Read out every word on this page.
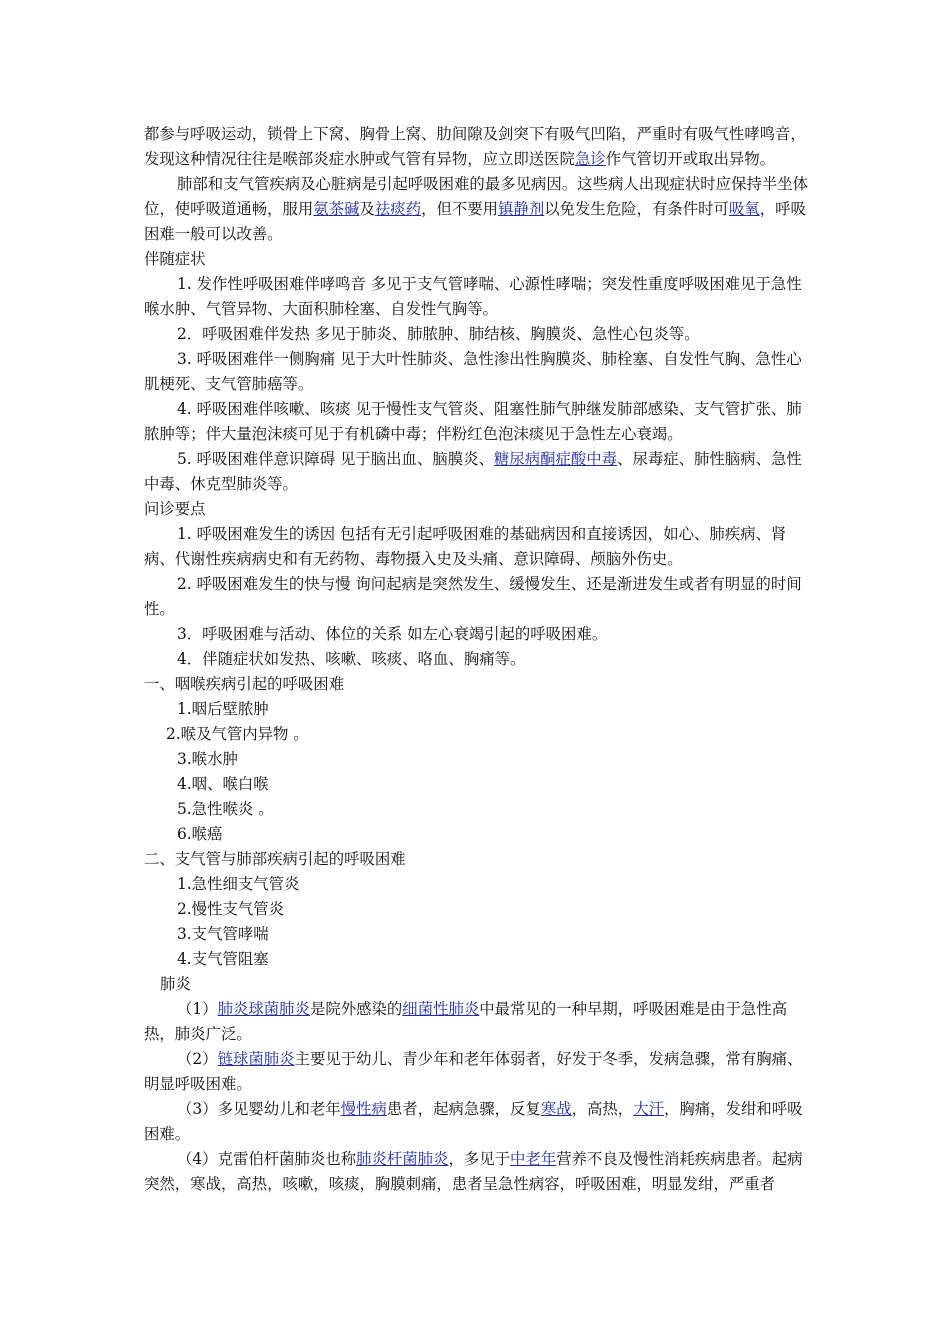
都参与呼吸运动，锁骨上下窝、胸骨上窝、肋间隙及剑突下有吸气凹陷，严重时有吸气性哮鸣音，发现这种情况往往是喉部炎症水肿或气管有异物，应立即送医院急诊作气管切开或取出异物。

肺部和支气管疾病及心脏病是引起呼吸困难的最多见病因。这些病人出现症状时应保持半坐体位，使呼吸道通畅，服用氨茶碱及祛痰药，但不要用镇静剂以免发生危险，有条件时可吸氧，呼吸困难一般可以改善。

伴随症状

1. 发作性呼吸困难伴哮鸣音 多见于支气管哮喘、心源性哮喘；突发性重度呼吸困难见于急性喉水肿、气管异物、大面积肺栓塞、自发性气胸等。

2．呼吸困难伴发热 多见于肺炎、肺脓肿、肺结核、胸膜炎、急性心包炎等。

3. 呼吸困难伴一侧胸痛 见于大叶性肺炎、急性渗出性胸膜炎、肺栓塞、自发性气胸、急性心肌梗死、支气管肺癌等。

4. 呼吸困难伴咳嗽、咳痰 见于慢性支气管炎、阻塞性肺气肿继发肺部感染、支气管扩张、肺脓肿等；伴大量泡沫痰可见于有机磷中毒；伴粉红色泡沫痰见于急性左心衰竭。

5. 呼吸困难伴意识障碍 见于脑出血、脑膜炎、糖尿病酮症酸中毒、尿毒症、肺性脑病、急性中毒、休克型肺炎等。

问诊要点

1. 呼吸困难发生的诱因 包括有无引起呼吸困难的基础病因和直接诱因，如心、肺疾病、肾病、代谢性疾病病史和有无药物、毒物摄入史及头痛、意识障碍、颅脑外伤史。

2. 呼吸困难发生的快与慢 询问起病是突然发生、缓慢发生、还是渐进发生或者有明显的时间性。

3．呼吸困难与活动、体位的关系 如左心衰竭引起的呼吸困难。

4．伴随症状如发热、咳嗽、咳痰、咯血、胸痛等。

一、咽喉疾病引起的呼吸困难

1.咽后壁脓肿

2.喉及气管内异物 。

3.喉水肿

4.咽、喉白喉

5.急性喉炎 。

6.喉癌

二、支气管与肺部疾病引起的呼吸困难

1.急性细支气管炎

2.慢性支气管炎

3.支气管哮喘

4.支气管阻塞

肺炎

（1）肺炎球菌肺炎是院外感染的细菌性肺炎中最常见的一种早期，呼吸困难是由于急性高热，肺炎广泛。

（2）链球菌肺炎主要见于幼儿、青少年和老年体弱者，好发于冬季，发病急骤，常有胸痛、明显呼吸困难。

（3）多见婴幼儿和老年慢性病患者，起病急骤，反复寒战，高热，大汗，胸痛，发绀和呼吸困难。

（4）克雷伯杆菌肺炎也称肺炎杆菌肺炎，多见于中老年营养不良及慢性消耗疾病患者。起病突然，寒战，高热，咳嗽，咳痰，胸膜刺痛，患者呈急性病容，呼吸困难，明显发绀，严重者
